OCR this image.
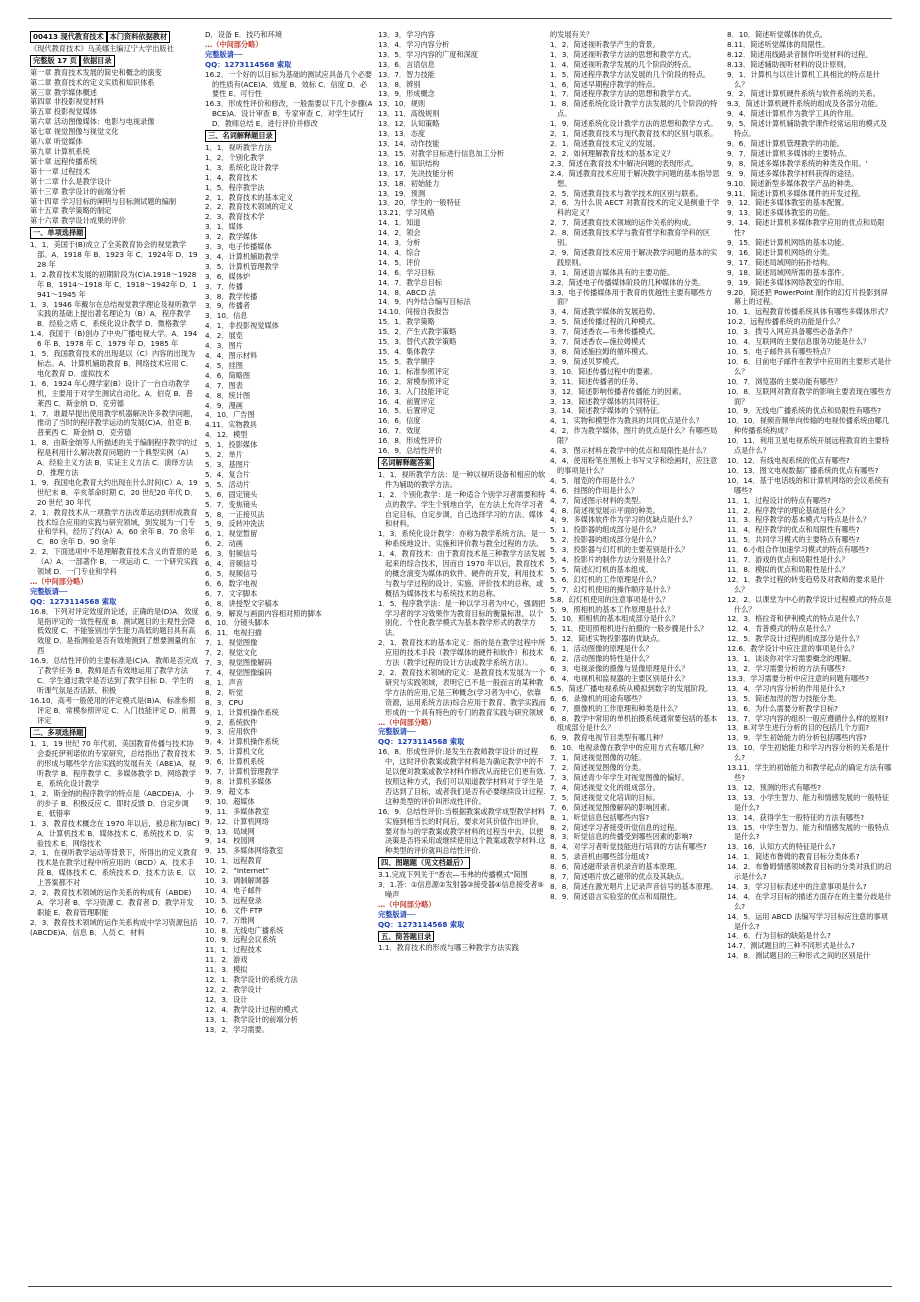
00413 现代教育技术 本门资料依据教材
《现代教育技术》乌美娜主编辽宁大学出版社
完整版 17 页 依据目录
第一章 教育技术发展的简史和概念的演变
第二章 教育技术的定义实质和知识体系
第三章 教学媒体概述
第四章 非投影视觉材料
第五章 投影视觉媒体
第六章 活动图像媒体：电影与电视录像
第七章 视觉图像与视觉文化
第八章 听觉媒体
第九章 计算机系统
第十章 远程传播系统
第十一章 过程技术
第十二章 什么是教学设计
第十三章 教学设计的前端分析
第十四章 学习目标的阐明与目标测试题的编制
第十五章 教学策略的制定
第十六章 教学设计成果的评价
一、单项选择题
1．1．美国于(B)成立了全美教育协会的视觉教学部。A．1918 年 B．1923 年 C．1924年 D．1928 年
1．2.教育技术发展的初期阶段为(C)A.1918～1928 年 B．1914～1918 年 C．1918～1942年 D．1941～1945 年
1．3．1946 年戴尔在总结视觉教学理论及视听教学实践的基础上提出著名理论为（B）A．程序教学 B．经验之塔 C．系统化设计教学 D．微格教学
1.4．我国于（B)创办了中央广播电视大学。A．1946 年 B．1978 年 C．1979 年 D．1985 年
1．5．我国教育技术的出现是以（C）内容的出现为标志。A．计算机辅助教育 B．网络技术应用 C．电化教育 D．虚拟技术
1．6．1924 年心理学家(B）设计了一台自动教学机，主要用于对学生测试自动化。A．伯克 B．普莱西 C．斯金纳 D．克劳德
1．7．谁最早提出使用教学机器解决许多教学问题，推动了当时的程序教学运动的发展(C)A．伯克 B．普莱西 C．斯金纳 D．克劳德
1．8．由斯金纳等人所描述的关于编制程序教学的过程是利用什么解决教育问题的一个典型实例（A）A．经验主义方法 B．实证主义方法 C．演绎方法 D．推理方法
1．9．我国电化教育大约出现在什么时间(C）A．19 世纪末 B．辛亥革命时期 C．20 世纪20 年代 D．20 世纪 30 年代
2．1．教育技术从一项教学方法改革运动到形成教育技术综合应用的实践与研究领域，到发展为一门专业和学科，经历了约(A）A．60 余年 B．70 余年 C．80 余年 D．90 余年
2．2．下面选项中不是理解教育技术含义的背景的是（A）A．一部著作 B．一项运动 C．一个研究实践领域 D．一门专业和学科
…（中间部分略）
完整版请──
QQ：1273114568 索取
16.8．下列对评定效度的论述，正确的是(D)A．效度是指评定的一致性程度 B．测试题目的主观性会降低效度 C．不能鉴别出学生能力高低的题目具有高效度 D．是指测验是否有效地测到了想要测量的东西
16.9．总结性评价的主要标准是(C)A．教师是否完成了教学任务 B．教师是否有效地运用了教学方法 C．学生通过教学是否达到了教学目标 D．学生的听课气氛是否活跃、积极
16.10．高考一般使用的评定模式是(B)A．标准参照评定 B．常模参照评定 C．入门技能评定 D．前置评定
二、多项选择题
1．1．19 世纪 70 年代初，美国教育传播与技术协会委托伊利诺依的专家研究，总结指出了教育技术的形成与哪些学方法实践的发展有关（ABE)A．视听教学 B．程序教学 C．多媒体教学 D．网络教学 E．系统化设计教学
1．2．斯金纳的程序教学的特点是（ABCDE)A．小的步子 B．积极反应 C．即时反馈 D．自定步调 E．低错率
1．3．教育技术概念在 1970 年以后，被总称为(BC)A．计算机技术 B．媒体技术 C．系统技术 D．实验技术 E．网络技术
2．1．在视听教学运动等背景下，所得出的定义教育技术是在教学过程中所应用的（BCD）A．技术手段 B．媒体技术 C．系统技术 D．技术方法 E．以上答案都不对
2．2．教育技术领域的运作关系的构成有（ABDE)A．学习者 B．学习资源 C．教育者 D．教学开发职能 E．教育管理职能
2．3．教育技术领域的运作关系构成中学习资源包括(ABCDE)A．信息 B．人员 C．材料
D．设备 E．技巧和环境
…（中间部分略）
完整版请──
QQ：1273114568 索取
16.2．一个好的以目标为基础的测试应具备几个必要的性质有(ACE)A．效度 B．效标 C．信度 D．必要性 E．可行性
16.3．形成性评价和修改，一般需要以下几个步骤(ABCE)A．设计审查 B．专家审查 C．对学生试行 D．教师总结 E．进行评价并修改
三、名词解释题目录
1．1．视听教学方法
1．2．个别化教学
1．3．系统化设计教学
1．4．教育技术
1．5．程序教学法
2．1．教育技术的基本定义
2．2．教育技术领域的定义
2．3．教育技术学
3．1．媒体
3．2．教学媒体
3．3．电子传播媒体
3．4．计算机辅助教学
3．5．计算机管理教学
3．6．媒体炉
3．7．传播
3．8．教学传播
3．9．传播者
3．10．信息
4．1．非投影视觉媒体
4．2．展览
4．3．图片
4．4．图示材料
4．5．挂图
4．6．简略图
4．7．图表
4．8．统计图
4．9．漫画
4．10．广告图
4.11．实物教具
4．12．模型
5．1．投影媒体
5．2．单片
5．3．基图片
5．4．复合片
5．5．活动片
5．6．固定镜头
5．7．变焦镜头
5．8．一正接贝法
5．9．反转冲洗法
6．1．视觉暂留
6．2．动画
6．3．射频信号
6．4．音频信号
6．5．视频信号
6．6．数字电视
6．7．文字脚本
6．8．讲授型文字稿本
6．9．解说与画面内容相对照的脚本
6．10．分镜头脚本
6．11．电视扫描
7．1．视觉图像
7．2．视觉文化
7．3．视觉图像解码
7．4．视觉图像编码
8．1．声音
8．2．听觉
8．3．CPU
9．1．计算机操作系统
9．2．系统软件
9．3．应用软件
9．4．计算机操作系统
9．5．计算机文化
9．6．计算机系统
9．7．计算机管理教学
9．8．计算机多媒体
9．9．超文本
9．10．超媒体
9．11．多媒体教室
9．12．计算机网络
9．13．局域网
9．14．校园网
9．15．多媒体网络教室
10．1．远程教育
10．2．“Internet”
10．3．调制解调器
10．4．电子邮件
10．5．远程登录
10．6．文件 FTP
10．7．万维网
10．8．无线电广播系统
10．9．远程会议系统
11．1．过程技术
11．2．游戏
11．3．模拟
12．1．教学设计的系统方法
12．2．教学设计
12．3．设计
12．4．教学设计过程的模式
13．1．教学设计的前端分析
13．2．学习需要。
13．3．学习内容
13．4．学习内容分析
13．5．学习内容的广度和深度
13．6．言语信息
13．7．智力技能
13．8．辨别
13．9．形成概念
13．10．规则
13．11．高级规则
13．12．认知策略
13．13．态度
13．14．动作技能
13．15．对教学目标进行信息加工分析
13．16．知识结构
13．17．先决技能分析
13．18．初始能力
13．19．预测
13．20．学生的一般特征
13.21．学习风格
14．1．知道
14．2．领会
14．3．分析
14．4．综合
14．5．评价
14．6．学习目标
14．7．教学总目标
14．8．ABCD 法
14．9．内外结合编写目标法
14.10．间接自我报告
15．1．教学策略
15．2．产生式教学策略
15．3．替代式教学策略
15．4．集体教学
15．5．教学顺序
16．1．标准参照评定
16．2．常模参照评定
16．3．入门技能评定
16．4．前置评定
16．5．后置评定
16．6．信度
16．7．效度
16．8．形成性评价
16．9．总结性评价
名词解释题答案
1．1．视听教学方法：是一种以视听设备和相应的软件为辅助的教学方法。
1．2．个别化教学：是一种适合个别学习者需要和特点的教学。学生个别地自学，在方法上允许学习者自定目标，自定步调，自己选择学习的方法、媒体和材料。
1．3．系统化设计教学：亦称为教学系统方法，是一种系统地设计、实施和评价教与教全过程的方法。
1．4．教育技术：由于教育技术是三种教学方法发展起来的综合技术，因而自 1970 年以后，教育技术的概念演变为媒体的软件、硬件的开发，利用技术与教与学过程的设计、实施、评价技术的总称，或概括为媒体技术与系统技术的总称。
1．5．程序教学法：是一种以学习者为中心，强调把学习者的学习效果作为教育目标的衡量标准，以个别化、个性化教学模式为基本教学形式的教学方法。
2．1．教育技术的基本定义：指的是在教学过程中所应用的技术手段（教学媒体的硬件和软件）和技术方法（教学过程的设计方法或教学系统方法）。
2．2．教育技术领域的定义：是教育技术发展为一个研究与实践领域，表明它已不是一般而言的某种教学方法的应用,它是三种概念(学习者为中心，依靠资源，运用系统方法)综合应用于教育、教学实践而形成的一个具有特色的专门的教育实践与研究领域
…（中间部分略）
完整版请──
QQ：1273114568 索取
16．8．形成性评价:是发生在教师教学设计的过程中，这时评价教案或教学材料是为确定教学中的不足以便对教案或教学材料作修改从而使它们更有效.按照这种方式，我们可以知道教学材料对于学生是否达到了目标，或者我们是否有必要继续设计过程.这种类型的评价叫形成性评价。
16．9．总结性评价:当根据教案或教学成型教学材料实施到相当长的时间后，要求对其价值作出评价，要对参与的学教案或教学材料的过程当中去，以便决策是否将采用或继续使用这个教案或教学材料.这种类型的评价就叫总结性评价.
四、图题题（见文档最后）
3.1.完成下列关于"香农—韦弗的传播模式"简图
3．1.答：①信息源②发射器③接受器④信息接受者⑤噪声
…（中间部分略）
完整版请──
QQ：1273114568 索取
五、简答题目录
1.1．教育技术的形成与哪三种教学方法实践
的发展有关？
1．2．简述视听教学产生的背景。
1．3．简述视听教学方法的思想和教学方式。
1．4．简述视听教学发展的几个阶段的特点。
1．5．简述程序教学方法发展的几个阶段的特点。
1．6．简述早期程序教学的特点。
1．7．简述程序教学方法的思想和教学方式。
1．8．简述系统化设计教学方法发展的几个阶段的特点。
1．9．简述系统化设计教学方法的思想和教学方式。
2．1．简述教育技术与现代教育技术的区别与联系。
2．1．简述教育技术定义的发展。
2．2．如何理解教育技术的基本定义？
2.3．简述在教育技术中解决问题的表现形式。
2.4．简述教育技术应用于解决教学问题的基本指导思想。
2．5．简述教育技术与教学技术的区别与联系。
2．6．为什么说 AECT 对教育技术的定义是侧重于学科的定义？
2．7．简述教育技术领域的运作关系的构成。
2．8．简述教育技术学与教育哲学和教育学科的区别。
2．9．简述教育技术应用于解决教学问题的基本的实践原则。
3．1．简述语言媒体具有的主要功能。
3.2．简述电子传播媒体阶段的几种媒体的分类。
3.3．电子传播媒体用于教育的优越性主要有哪些方面？
3．4．简述教学媒体的发展趋势。
3．5．简述传播过程的几种模式。
3．7．简述香农—韦弗传播模式。
3．7．简述香农—施拉姆模式
3．8．简述施拉姆的循环模式。
3．9．简述贝罗模式。
3．10．简述传播过程中的要素。
3．11．简述传播者的任务。
3．12．简述影响传播者传播能力的因素。
3．13．简述教学媒体的共同特征。
3．14．简述教学媒体的个别特征。
4．1．实物和模型作为教具的共同优点是什么？
4．2．作为教学媒体，图片的优点是什么？有哪些局限？
4．3．图示材料在教学中的优点和局限性是什么？
4．4．使用粉笔在黑板上书写文字和绘画时，应注意的事项是什么？
4．5．展览的作用是什么？
4．6．挂图的作用是什么？
4．7．简述图示材料的类型。
4．8．简述视觉展示平面的种类。
4．9．多媒体软件作为学习的优缺点是什么？
5．1．投影器的组成部分是什么？
5．2．投影器的组成部分是什么？
5．3．投影器与幻灯机的主要差别是什么？
5．4．投影片的制作方法分别是什么？
5．5．简述幻灯机的基本组成。
5．6．幻灯机的工作原理是什么？
5．7．幻灯机使用的操作顺序是什么？
5.8．幻灯机使用的注意事项是什么？
5．9．照相机的基本工作原理是什么？
5．10．照相机的基本组成部分是什么？
5．11．使用照相机进行拍摄的一般步骤是什么？
5．12．简述实物投影器的优缺点。
6．1．活动图像的原理是什么？
6．2．活动图像的特性是什么？
6．3．电视录像的摄像与显像原理是什么？
6．4．电视机和监视器的主要区别是什么？
6.5．简述广播电视系统从模拟到数字的发展阶段。
6．6．录像机的用途有哪些？
6．7．摄像机的工作原理和种类是什么？
6．8．教学中常用的单机拍摄系统通常要包括的基本组成部分是什么？
6．9．教育电视节目类型有哪几种？
6．10．电视录像在教学中的应用方式有哪几种？
7．1．简述视觉图像的功能。
7．2．简述视觉图像的分类。
7．3．简述青少年学生对视觉图像的偏好。
7．4．简述视觉文化的组成部分。
7．5．简述视觉文化培训的目标。
7．6．简述视觉图像解码的影响因素。
8．1．听觉信息包括哪些内容?
8．2．简述学习者接受听觉信息的过程。
8．3．听觉信息的传播受到哪些因素的影响?
8．4．对学习者听觉技能进行培训的方法有哪些?
8．5．录音机由哪些部分组成?
8．6．简述磁带录音机录音的基本原理。
8．7．简述唱片放乙磁带的优点及其缺点。
8．8．简述在激光唱片上记录声音信号的基本原理。
8．9．简述语言实验室的优点和局限性。
8．10．简述听觉媒体的优点。
8.11．简述听觉媒体的局限性。
8.12．简述用线路录音制作听觉材料的过程。
8.13．简述辅助视听材料的设计原则。
9．1．计算机与以往计算机工具相比的特点是什么？
9．2．简述计算机硬件系统与软件系统的关系。
9.3．简述计算机硬件系统的组成及各部分功能。
9．4．简述计算机作为教学工具的作用。
9．5．简述计算机辅助教学课件经常运用的模式及特点。
9．6．简述计算机管理教学的功能。
9．7．简述计算机多媒体的主要特点。
9．8．简述多媒体教学系统的种类及作用。'
9．9．简述多媒体教学材料获得的途径。
9.10．简述新型多媒体教学产品的种类。
9.11．简述计算机多媒体课件的开发过程。
9．12．简述多媒体教室的基本配置。
9．13．简述多媒体教室的功能。
9．14．简述计算机多媒体教学应用的优点和局限性?
9．15．简述计算机网络的基本功能。
9．16．简述计算机网络的分类。
9．17．简述局域网的拓扑结构。
9．18．简述局域网所需的基本部件。
9．19．简述多媒体网络教室的作用。
9.20．简述把 PowerPoint 制作的幻灯片投影到屏幕上的过程。
10．1．远程教育传播系统具体有哪些多媒体形式？
10.2．远程传播系统的功能是什么？
10．3．拨号入网应具备哪些必备条件？
10．4．互联网的主要信息服务功能是什么？
10．5．电子邮件具有哪些特点？
10．6．目前电子邮件在教学中应用的主要形式是什么？
10．7．浏览器的主要功能有哪些？
10．8．互联网对教育教学的影响主要表现在哪些方面？
10．9．无线电广播系统的优点和局限性有哪些?
10．10．视频音频单向传输的电视传播系统由哪几种传播系统构成？
10．11．利用卫星电视系统开展远程教育的主要特点是什么？
10．12．有线电视系统的优点有哪些?
10．13．图文电视数据广播系统的优点有哪些?
10．14．基于电话线的和计算机网络的会议系统有哪些?
11．1．过程设计的特点有哪些?
11．2．程序教学的理论基础是什么？
11．3．程序教学的基本模式与特点是什么？
11．4．程序教学的优点和局限性有哪些?
11．5．共同学习模式的主要特点有哪些?
11．6.小组合作加速学习模式的特点有哪些?
11．7．游戏的优点和局限性是什么？
11．8．模拟的优点和局限性是什么？
12．1．教学过程的转变趋势及对教师的要求是什么？
12．2．以课堂为中心的教学设计过程模式的特点是什么？
12．3．格拉奇和伊利模式的特点是什么？
12．4．肯普模式的特点是什么？
12．5．教学设计过程的组成部分是什么？
12.6．教学设计中应注意的事项是什么？
13．1．谈谈你对学习需要概念的理解。
13．2．学习需要分析的方法有哪些?
13.3．学习需要分析中应注意的问题有哪些?
13．4．学习内容分析的作用是什么?
13．5．简述加涅的智力技能分类。
13．6．为什么需要分析教学目标?
13．7．学习内容的组织一般应遵循什么样的原则?
13．8.对学生进行分析的目的包括几个方面?
13．9．学生初始能力的分析包括哪些内容?
13．10．学生初始能力和学习内容分析的关系是什么?
13.11．学生的初始能力和教学起点的确定方法有哪些?
13．12．预测的形式有哪些?
13．13．小学生智力、能力和情感发展的一般特征是什么?
13．14．获得学生一般特征的方法有哪些?
13．15．中学生智力、能力和情感发展的一般特点是什么?
13．16．认知方式的特征是什么?
14．1．简述布鲁姆的教育目标分类体系?
14．2．布鲁姆情感领域教育目标的分类对我们的启示是什么?
14．3．学习目标表述中的注意事项是什么?
14．4．在学习目标的描述方面存在的主要分歧是什么?
14．5．运用 ABCD 法编写学习目标应注意的事项是什么?
14．6．行为目标的缺陷是什么?
14.7．测试题目的三种不同形式是什么?
14．8．测试题目的三种形式之间的区别是什
